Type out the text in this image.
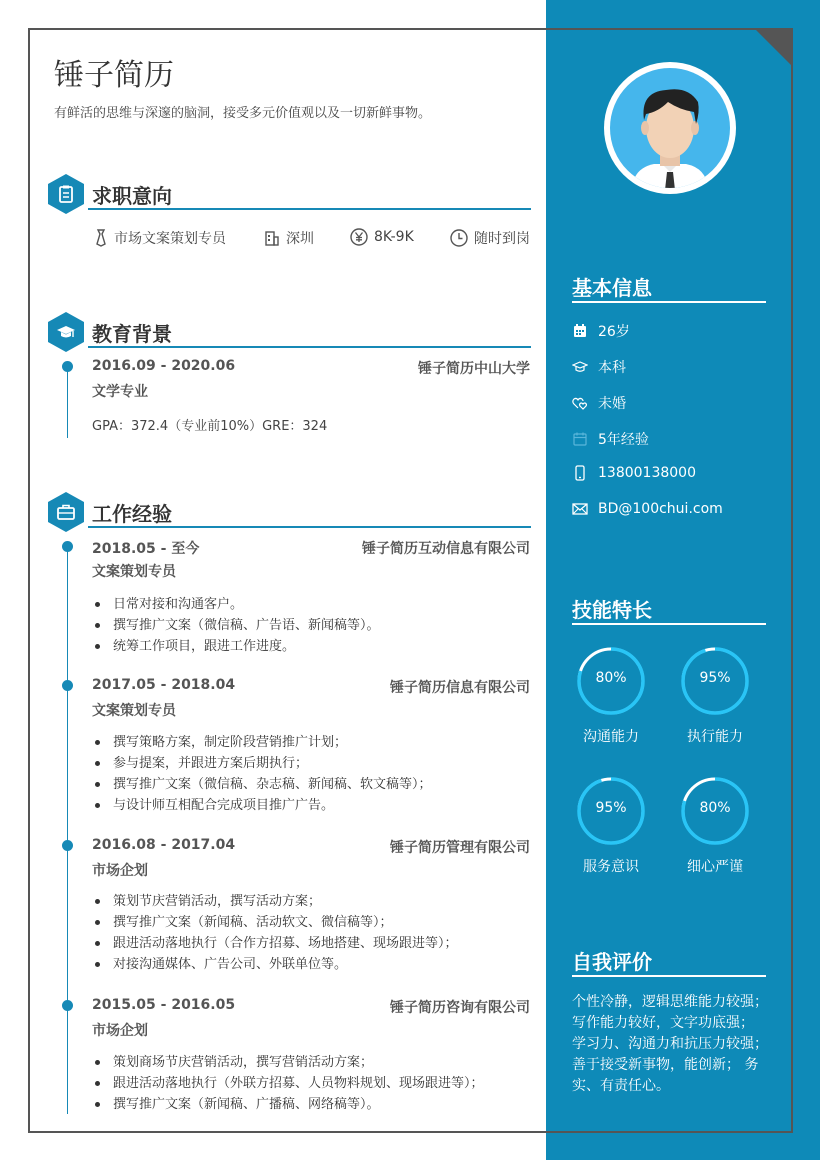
锤子简历
有鲜活的思维与深邃的脑洞，接受多元价值观以及一切新鲜事物。
求职意向
市场文案策划专员	深圳	8K-9K	随时到岗
教育背景
2016.09 - 2020.06	锤子简历中山大学
文学专业
GPA：372.4（专业前10%）GRE：324
工作经验
2018.05 - 至今	锤子简历互动信息有限公司
文案策划专员
日常对接和沟通客户。
撰写推广文案（微信稿、广告语、新闻稿等）。
统筹工作项目，跟进工作进度。
2017.05 - 2018.04	锤子简历信息有限公司
文案策划专员
撰写策略方案，制定阶段营销推广计划；
参与提案，并跟进方案后期执行；
撰写推广文案（微信稿、杂志稿、新闻稿、软文稿等）；
与设计师互相配合完成项目推广广告。
2016.08 - 2017.04	锤子简历管理有限公司
市场企划
策划节庆营销活动，撰写活动方案；
撰写推广文案（新闻稿、活动软文、微信稿等）；
跟进活动落地执行（合作方招募、场地搭建、现场跟进等）；
对接沟通媒体、广告公司、外联单位等。
2015.05 - 2016.05	锤子简历咨询有限公司
市场企划
策划商场节庆营销活动，撰写营销活动方案；
跟进活动落地执行（外联方招募、人员物料规划、现场跟进等）；
撰写推广文案（新闻稿、广播稿、网络稿等）。
基本信息
26岁
本科
未婚
5年经验
13800138000
BD@100chui.com
技能特长
80%
沟通能力
95%
执行能力
95%
服务意识
80%
细心严谨
自我评价
个性冷静，逻辑思维能力较强； 写作能力较好，文字功底强； 学习力、沟通力和抗压力较强； 善于接受新事物，能创新； 务实、有责任心。
